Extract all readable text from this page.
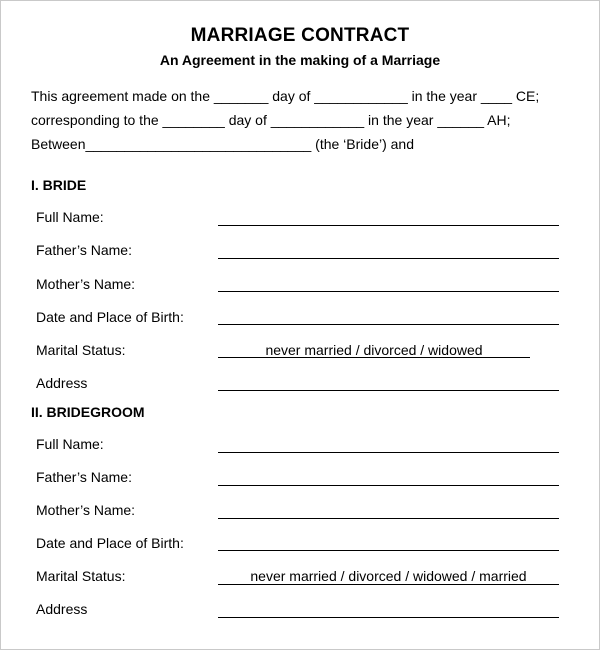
MARRIAGE CONTRACT
An Agreement in the making of a Marriage
This agreement made on the _______ day of ____________ in the year ____ CE;
corresponding to the ________ day of ____________ in the year ______ AH;
Between_____________________________ (the ‘Bride’) and
I. BRIDE
Full Name:
Father’s Name:
Mother’s Name:
Date and Place of Birth:
Marital Status:	never married / divorced / widowed
Address
II. BRIDEGROOM
Full Name:
Father’s Name:
Mother’s Name:
Date and Place of Birth:
Marital Status:	never married / divorced / widowed / married
Address
